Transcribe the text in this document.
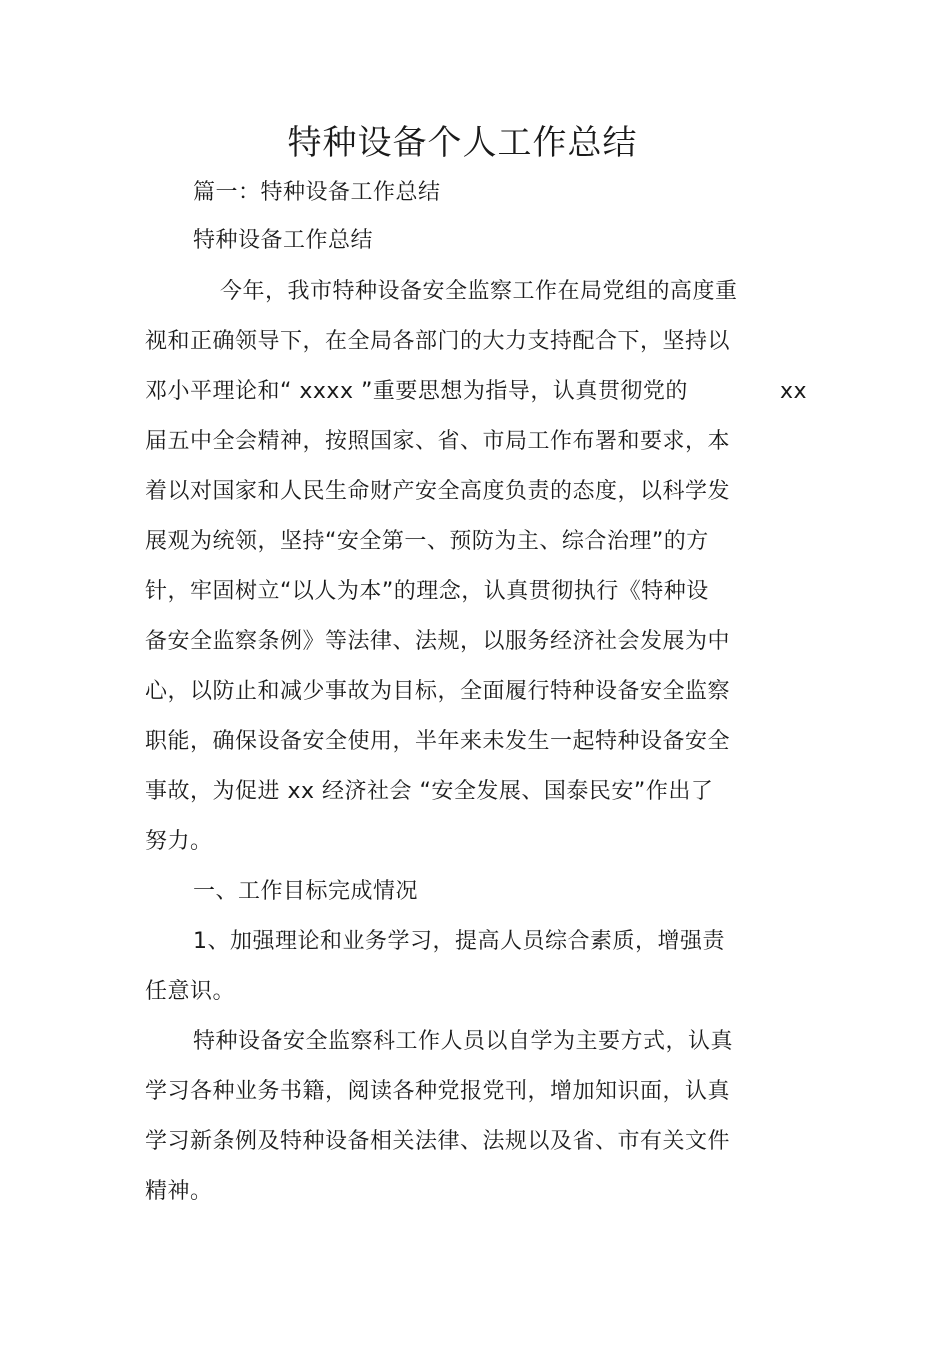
特种设备个人工作总结
篇一：特种设备工作总结
特种设备工作总结
今年，我市特种设备安全监察工作在局党组的高度重
视和正确领导下，在全局各部门的大力支持配合下，坚持以
邓小平理论和“ xxxx ”重要思想为指导，认真贯彻党的	xx
届五中全会精神，按照国家、省、市局工作布署和要求，本
着以对国家和人民生命财产安全高度负责的态度，以科学发
展观为统领，坚持“安全第一、预防为主、综合治理”的方
针，牢固树立“以人为本”的理念，认真贯彻执行《特种设
备安全监察条例》等法律、法规，以服务经济社会发展为中
心，以防止和减少事故为目标，全面履行特种设备安全监察
职能，确保设备安全使用，半年来未发生一起特种设备安全
事故，为促进 xx 经济社会 “安全发展、国泰民安”作出了
努力。
一、工作目标完成情况
1、加强理论和业务学习，提高人员综合素质，增强责
任意识。
特种设备安全监察科工作人员以自学为主要方式，认真
学习各种业务书籍，阅读各种党报党刊，增加知识面，认真
学习新条例及特种设备相关法律、法规以及省、市有关文件
精神。
